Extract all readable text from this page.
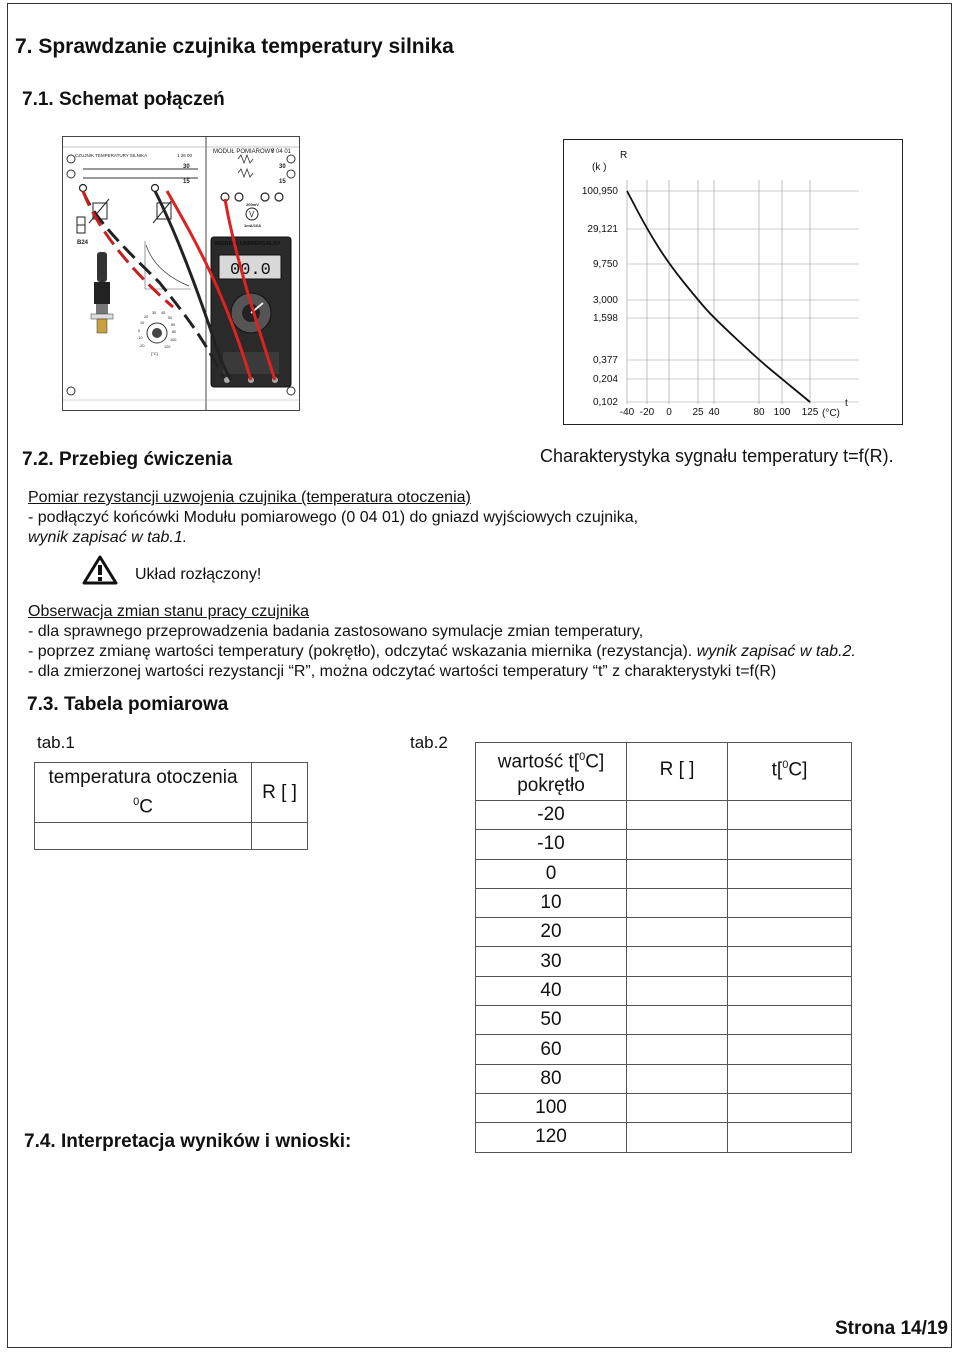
7. Sprawdzanie czujnika temperatury silnika
7.1. Schemat połączeń
CZUJNIK TEMPERATURY SILNIKA	1 26 00
MODUŁ POMIAROWY
0 04 01
30
15
30
15
V
200mV
1mA/10A
B24
00.0
MIERNIK UNIWERSALNY
[°C]
-20
-10
0
10
20
30 40
50
60
80
100
120
100,950
29,121
9,750
3,000
1,598
0,377
0,204
0,102
-40 -20 0 25 40	80 100 125
R
(k )
t
(°C)
7.2. Przebieg ćwiczenia	Charakterystyka sygnału temperatury t=f(R).
Pomiar rezystancji uzwojenia czujnika (temperatura otoczenia)
- podłączyć końcówki Modułu pomiarowego (0 04 01) do gniazd wyjściowych czujnika,
wynik zapisać w tab.1.
Układ rozłączony!
Obserwacja zmian stanu pracy czujnika
- dla sprawnego przeprowadzenia badania zastosowano symulacje zmian temperatury,
- poprzez zmianę wartości temperatury (pokrętło), odczytać wskazania miernika (rezystancja). wynik zapisać w tab.2.
- dla zmierzonej wartości rezystancji “R”, można odczytać wartości temperatury “t” z charakterystyki t=f(R)
7.3. Tabela pomiarowa
tab.1
temperatura otoczenia
$^0$C	R [ ]

tab.2
wartość t[$^0$C]
pokrętło	R [ ]	t[$^0$C]
-20		
-10		
0		
10		
20		
30		
40		
50		
60		
80		
100		
120		
7.4. Interpretacja wyników i wnioski:
Strona 14/19
